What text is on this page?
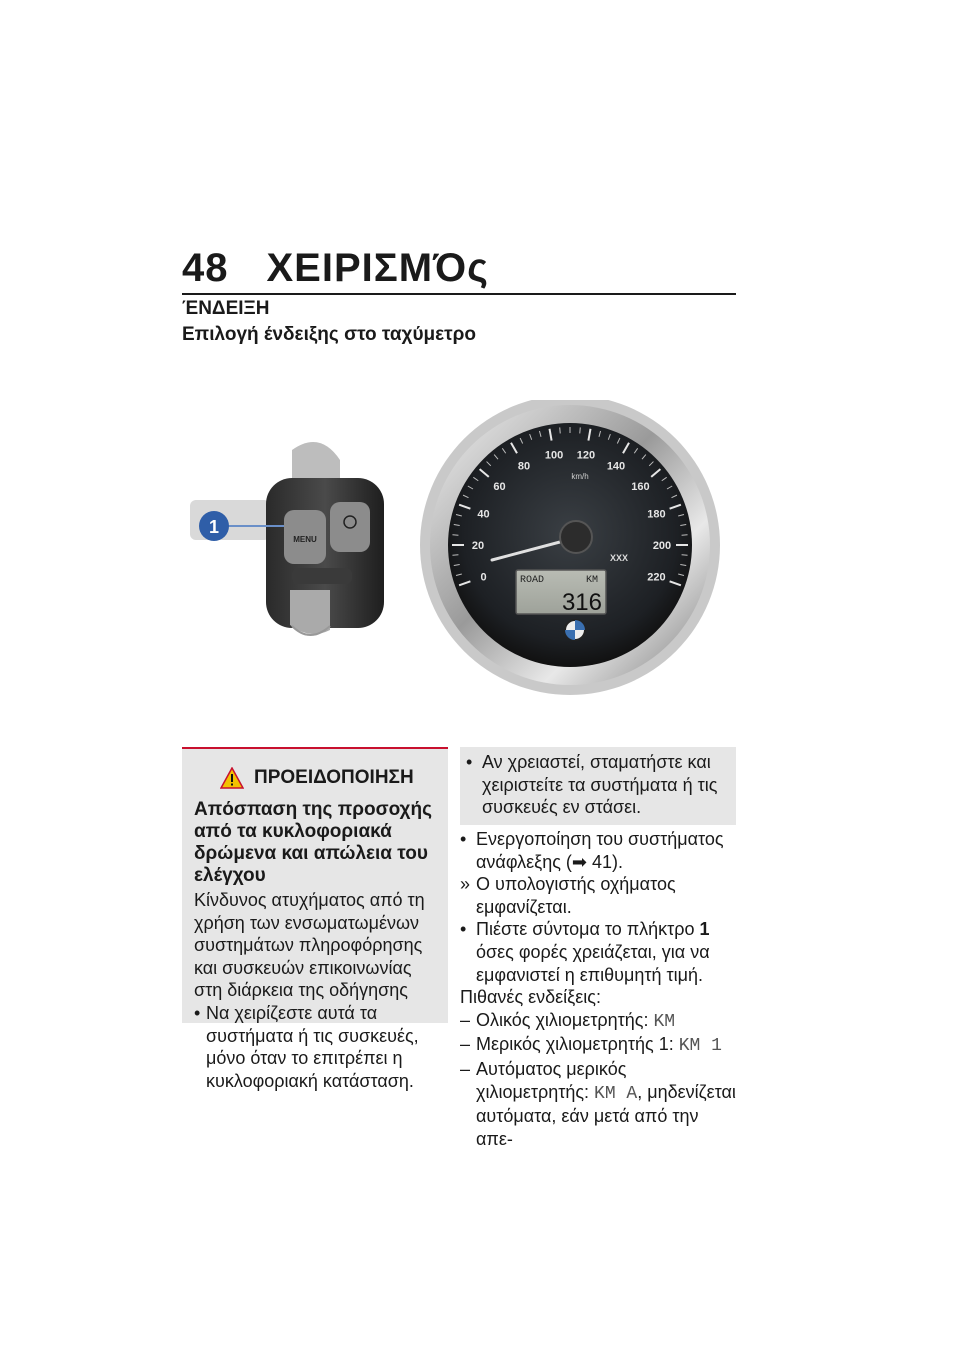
48 ΧΕΙΡΙΣΜΌς
ΈΝΔΕΙΞΗ
Επιλογή ένδειξης στο ταχύμετρο
MENU
1
0
20
40
60
80
100 120
140
160
180
200
220
km/h
XXX
ROAD	KM
316
ΠΡΟΕΙΔΟΠΟΙΗΣΗ
Απόσπαση της προσοχής από τα κυκλοφοριακά δρώμενα και απώλεια του ελέγχου
Κίνδυνος ατυχήματος από τη χρήση των ενσωματωμένων συστημάτων πληροφόρησης και συσκευών επικοινωνίας στη διάρκεια της οδήγησης
• Να χειρίζεστε αυτά τα συστήματα ή τις συσκευές, μόνο όταν το επιτρέπει η κυκλοφοριακή κατάσταση.
• Αν χρειαστεί, σταματήστε και χειριστείτε τα συστήματα ή τις συσκευές εν στάσει.
• Ενεργοποίηση του συστήματος ανάφλεξης (➡ 41).
» Ο υπολογιστής οχήματος εμφανίζεται.
• Πιέστε σύντομα το πλήκτρο 1 όσες φορές χρειάζεται, για να εμφανιστεί η επιθυμητή τιμή.
Πιθανές ενδείξεις:
– Ολικός χιλιομετρητής: KM
– Μερικός χιλιομετρητής 1: KM 1
– Αυτόματος μερικός χιλιομετρητής: KM A, μηδενίζεται αυτόματα, εάν μετά από την απε-
